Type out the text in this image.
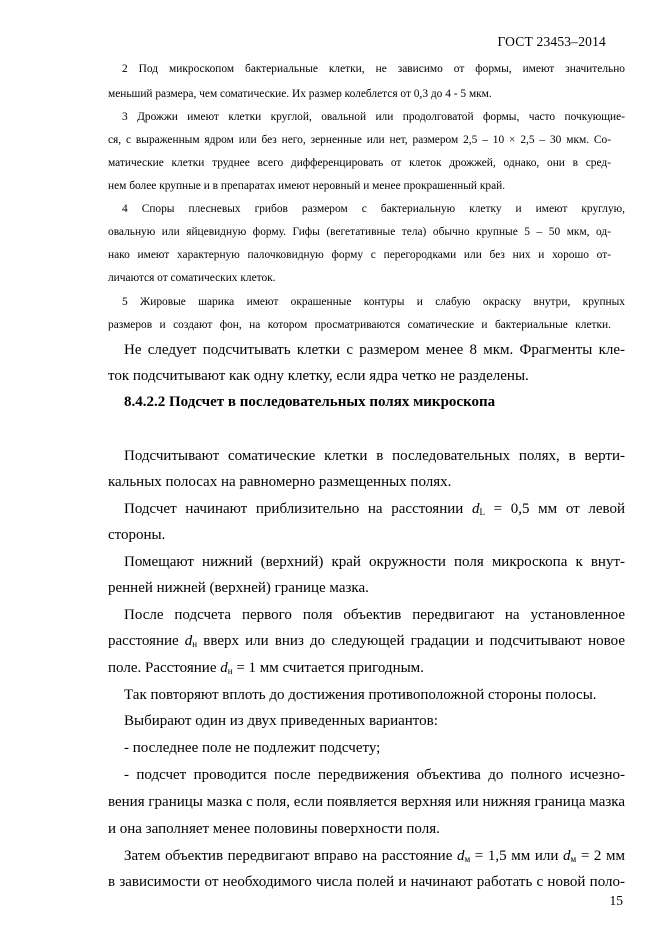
ГОСТ 23453–2014
2 Под микроскопом бактериальные клетки, не зависимо от формы, имеют значительно
меньший размера, чем соматические. Их размер колеблется от 0,3 до 4 - 5 мкм.
3 Дрожжи имеют клетки круглой, овальной или продолговатой формы, часто почкующие-
ся, с выраженным ядром или без него, зерненные или нет, размером 2,5 – 10 × 2,5 – 30 мкм. Со-
матические клетки труднее всего дифференцировать от клеток дрожжей, однако, они в сред-
нем более крупные и в препаратах имеют неровный и менее прокрашенный край.
4 Споры плесневых грибов размером с бактериальную клетку и имеют круглую,
овальную или яйцевидную форму. Гифы (вегетативные тела) обычно крупные 5 – 50 мкм, од-
нако имеют характерную палочковидную форму с перегородками или без них и хорошо от-
личаются от соматических клеток.
5 Жировые шарика имеют окрашенные контуры и слабую окраску внутри, крупных
размеров и создают фон, на котором просматриваются соматические и бактериальные клетки.
Не следует подсчитывать клетки с размером менее 8 мкм. Фрагменты кле-
ток подсчитывают как одну клетку, если ядра четко не разделены.
8.4.2.2 Подсчет в последовательных полях микроскопа
Подсчитывают соматические клетки в последовательных полях, в верти-
кальных полосах на равномерно размещенных полях.
Подсчет начинают приблизительно на расстоянии $d_L = 0,5$ мм от левой
стороны.
Помещают нижний (верхний) край окружности поля микроскопа к внут-
ренней нижней (верхней) границе мазка.
После подсчета первого поля объектив передвигают на установленное
расстояние $d_н$ вверх или вниз до следующей градации и подсчитывают новое
поле. Расстояние $d_н = 1$ мм считается пригодным.
Так повторяют вплоть до достижения противоположной стороны полосы.
Выбирают один из двух приведенных вариантов:
- последнее поле не подлежит подсчету;
- подсчет проводится после передвижения объектива до полного исчезно-
вения границы мазка с поля, если появляется верхняя или нижняя граница мазка
и она заполняет менее половины поверхности поля.
Затем объектив передвигают вправо на расстояние $d_м = 1,5$ мм или $d_м = 2$ мм
в зависимости от необходимого числа полей и начинают работать с новой поло-
15
